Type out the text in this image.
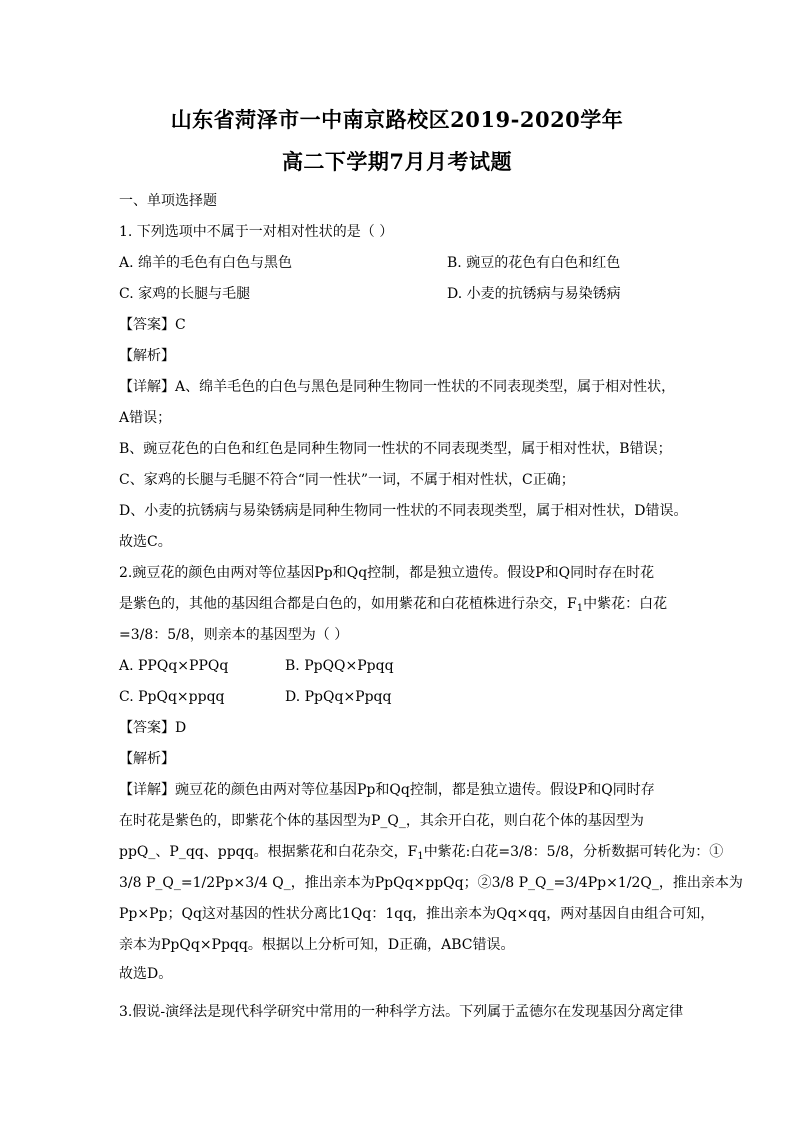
山东省菏泽市一中南京路校区2019-2020学年
高二下学期7月月考试题
一、单项选择题
1. 下列选项中不属于一对相对性状的是（ ）
A. 绵羊的毛色有白色与黑色	B. 豌豆的花色有白色和红色
C. 家鸡的长腿与毛腿	D. 小麦的抗锈病与易染锈病
【答案】C
【解析】
【详解】A、绵羊毛色的白色与黑色是同种生物同一性状的不同表现类型，属于相对性状，
A错误；
B、豌豆花色的白色和红色是同种生物同一性状的不同表现类型，属于相对性状，B错误；
C、家鸡的长腿与毛腿不符合“同一性状”一词，不属于相对性状，C正确；
D、小麦的抗锈病与易染锈病是同种生物同一性状的不同表现类型，属于相对性状，D错误。
故选C。
2.豌豆花的颜色由两对等位基因Pp和Qq控制，都是独立遗传。假设P和Q同时存在时花
是紫色的，其他的基因组合都是白色的，如用紫花和白花植株进行杂交，$F_1$中紫花：白花
=3/8：5/8，则亲本的基因型为（ ）
A. PPQq×PPQq	B. PpQQ×Ppqq
C. PpQq×ppqq	D. PpQq×Ppqq
【答案】D
【解析】
【详解】豌豆花的颜色由两对等位基因Pp和Qq控制，都是独立遗传。假设P和Q同时存
在时花是紫色的，即紫花个体的基因型为P_Q_，其余开白花，则白花个体的基因型为
ppQ_、P_qq、ppqq。根据紫花和白花杂交，$F_1$中紫花:白花=3/8：5/8，分析数据可转化为：①
3/8 P_Q_=1/2Pp×3/4 Q_，推出亲本为PpQq×ppQq；②3/8 P_Q_=3/4Pp×1/2Q_，推出亲本为
Pp×Pp；Qq这对基因的性状分离比1Qq：1qq，推出亲本为Qq×qq，两对基因自由组合可知，
亲本为PpQq×Ppqq。根据以上分析可知，D正确，ABC错误。
故选D。
3.假说-演绎法是现代科学研究中常用的一种科学方法。下列属于孟德尔在发现基因分离定律
